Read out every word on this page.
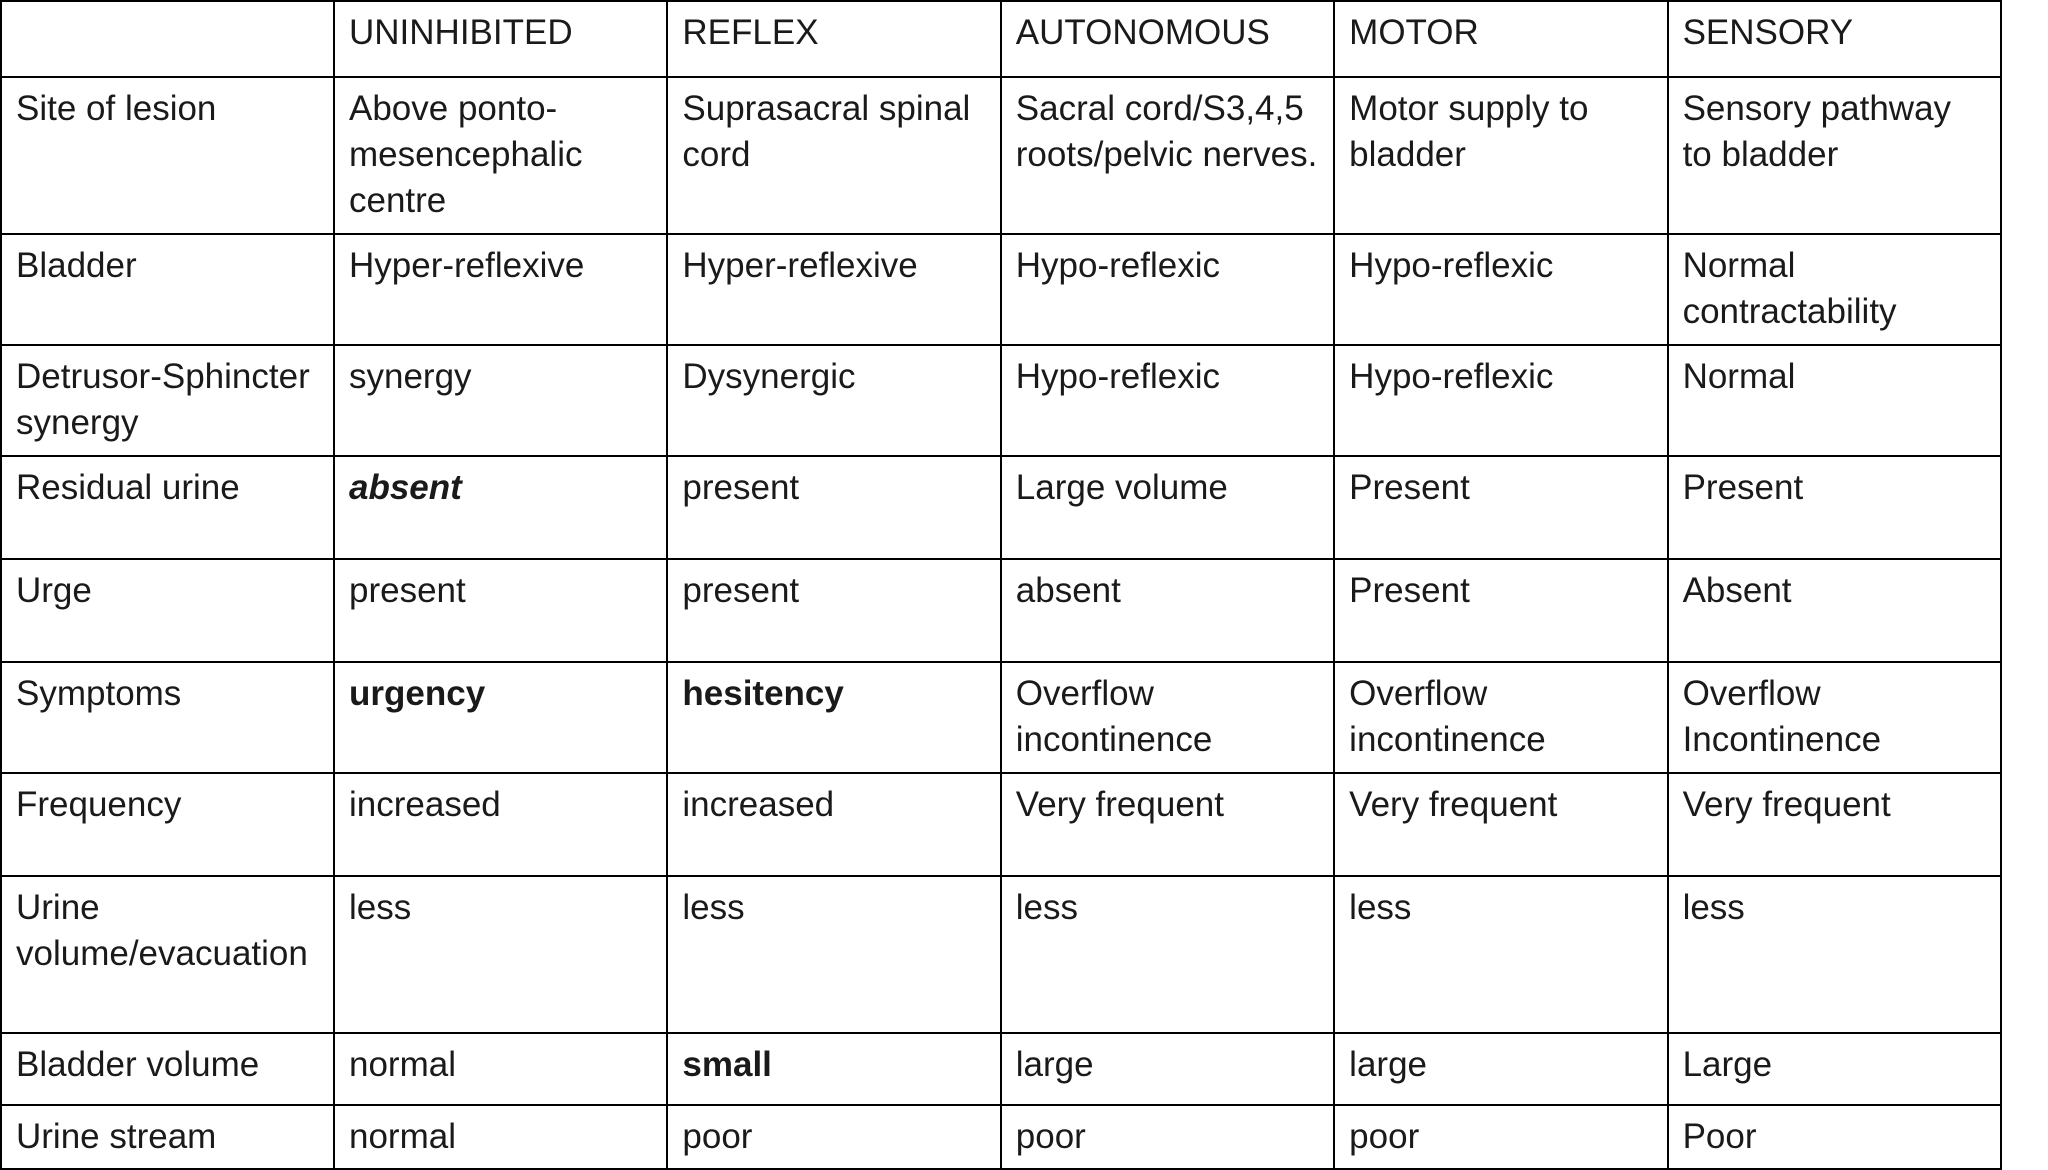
	UNINHIBITED	REFLEX	AUTONOMOUS	MOTOR	SENSORY
Site of lesion	Above ponto-mesencephalic centre	Suprasacral spinal cord	Sacral cord/S3,4,5 roots/pelvic nerves.	Motor supply to bladder	Sensory pathway to bladder
Bladder	Hyper-reflexive	Hyper-reflexive	Hypo-reflexic	Hypo-reflexic	Normal contractability
Detrusor-Sphincter synergy	synergy	Dysynergic	Hypo-reflexic	Hypo-reflexic	Normal
Residual urine	absent	present	Large volume	Present	Present
Urge	present	present	absent	Present	Absent
Symptoms	urgency	hesitency	Overflow incontinence	Overflow incontinence	Overflow Incontinence
Frequency	increased	increased	Very frequent	Very frequent	Very frequent
Urine volume/evacuation	less	less	less	less	less
Bladder volume	normal	small	large	large	Large
Urine stream	normal	poor	poor	poor	Poor
